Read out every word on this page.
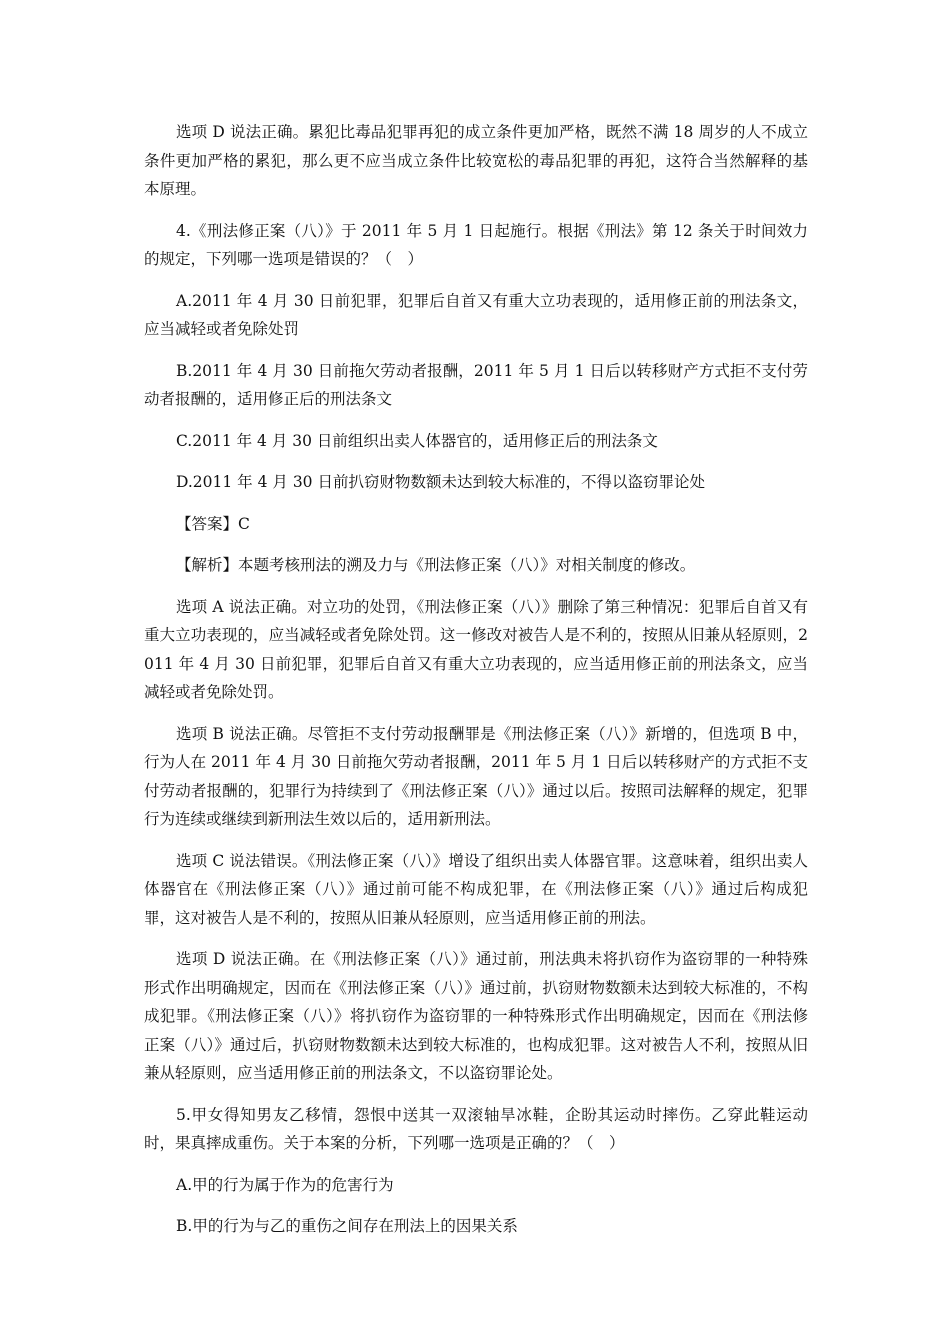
选项 D 说法正确。累犯比毒品犯罪再犯的成立条件更加严格，既然不满 18 周岁的人不成立条件更加严格的累犯，那么更不应当成立条件比较宽松的毒品犯罪的再犯，这符合当然解释的基本原理。

4.《刑法修正案（八）》于 2011 年 5 月 1 日起施行。根据《刑法》第 12 条关于时间效力的规定，下列哪一选项是错误的？（　）

A.2011 年 4 月 30 日前犯罪，犯罪后自首又有重大立功表现的，适用修正前的刑法条文，应当减轻或者免除处罚

B.2011 年 4 月 30 日前拖欠劳动者报酬，2011 年 5 月 1 日后以转移财产方式拒不支付劳动者报酬的，适用修正后的刑法条文

C.2011 年 4 月 30 日前组织出卖人体器官的，适用修正后的刑法条文

D.2011 年 4 月 30 日前扒窃财物数额未达到较大标准的，不得以盗窃罪论处

【答案】C

【解析】本题考核刑法的溯及力与《刑法修正案（八）》对相关制度的修改。

选项 A 说法正确。对立功的处罚，《刑法修正案（八）》删除了第三种情况：犯罪后自首又有重大立功表现的，应当减轻或者免除处罚。这一修改对被告人是不利的，按照从旧兼从轻原则，2011 年 4 月 30 日前犯罪，犯罪后自首又有重大立功表现的，应当适用修正前的刑法条文，应当减轻或者免除处罚。

选项 B 说法正确。尽管拒不支付劳动报酬罪是《刑法修正案（八）》新增的，但选项 B 中，行为人在 2011 年 4 月 30 日前拖欠劳动者报酬，2011 年 5 月 1 日后以转移财产的方式拒不支付劳动者报酬的，犯罪行为持续到了《刑法修正案（八）》通过以后。按照司法解释的规定，犯罪行为连续或继续到新刑法生效以后的，适用新刑法。

选项 C 说法错误。《刑法修正案（八）》增设了组织出卖人体器官罪。这意味着，组织出卖人体器官在《刑法修正案（八）》通过前可能不构成犯罪，在《刑法修正案（八）》通过后构成犯罪，这对被告人是不利的，按照从旧兼从轻原则，应当适用修正前的刑法。

选项 D 说法正确。在《刑法修正案（八）》通过前，刑法典未将扒窃作为盗窃罪的一种特殊形式作出明确规定，因而在《刑法修正案（八）》通过前，扒窃财物数额未达到较大标准的，不构成犯罪。《刑法修正案（八）》将扒窃作为盗窃罪的一种特殊形式作出明确规定，因而在《刑法修正案（八）》通过后，扒窃财物数额未达到较大标准的，也构成犯罪。这对被告人不利，按照从旧兼从轻原则，应当适用修正前的刑法条文，不以盗窃罪论处。

5.甲女得知男友乙移情，怨恨中送其一双滚轴旱冰鞋，企盼其运动时摔伤。乙穿此鞋运动时，果真摔成重伤。关于本案的分析，下列哪一选项是正确的？（　）

A.甲的行为属于作为的危害行为

B.甲的行为与乙的重伤之间存在刑法上的因果关系
